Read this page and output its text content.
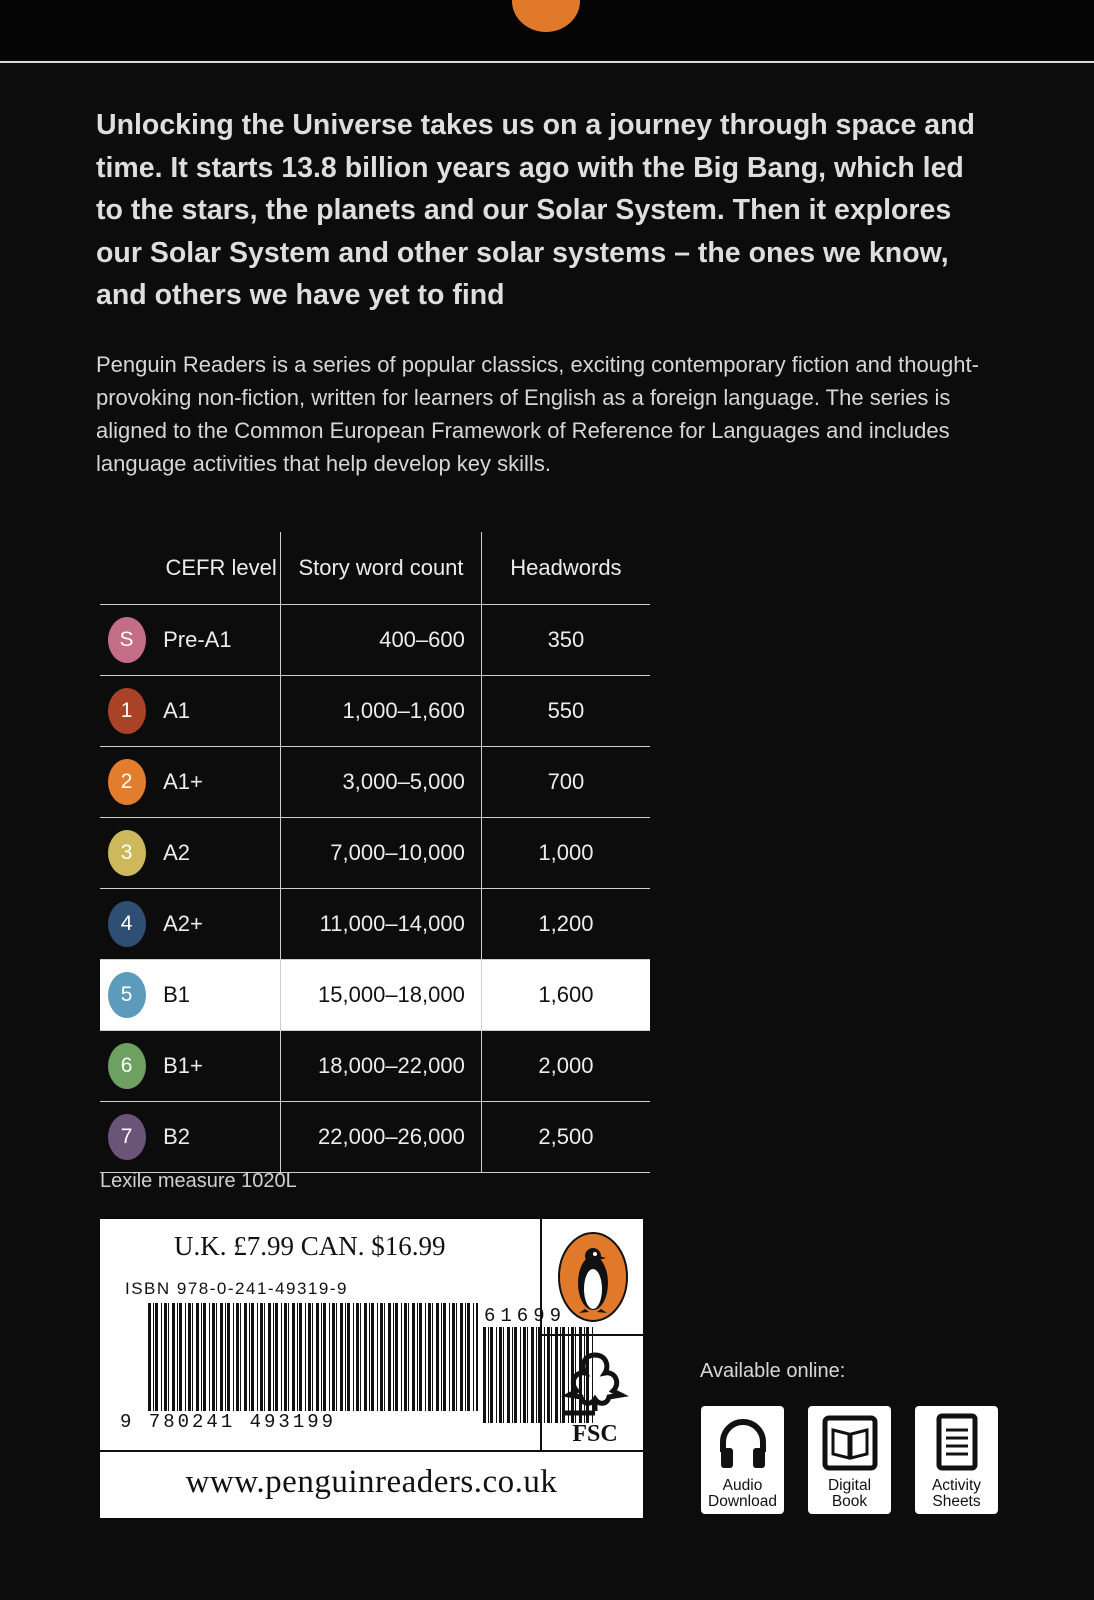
Unlocking the Universe takes us on a journey through space and time. It starts 13.8 billion years ago with the Big Bang, which led to the stars, the planets and our Solar System. Then it explores our Solar System and other solar systems – the ones we know, and others we have yet to find

Penguin Readers is a series of popular classics, exciting contemporary fiction and thought-provoking non-fiction, written for learners of English as a foreign language. The series is aligned to the Common European Framework of Reference for Languages and includes language activities that help develop key skills.

	CEFR level	Story word count	Headwords
S	Pre-A1	400–600	350
1	A1	1,000–1,600	550
2	A1+	3,000–5,000	700
3	A2	7,000–10,000	1,000
4	A2+	11,000–14,000	1,200
5	B1	15,000–18,000	1,600
6	B1+	18,000–22,000	2,000
7	B2	22,000–26,000	2,500
Lexile measure 1020L
U.K. £7.99 CAN. $16.99
ISBN 978-0-241-49319-9
9 780241 493199
61699
FSC
www.penguinreaders.co.uk
Available online:
Audio
Download
Digital
Book
Activity
Sheets
